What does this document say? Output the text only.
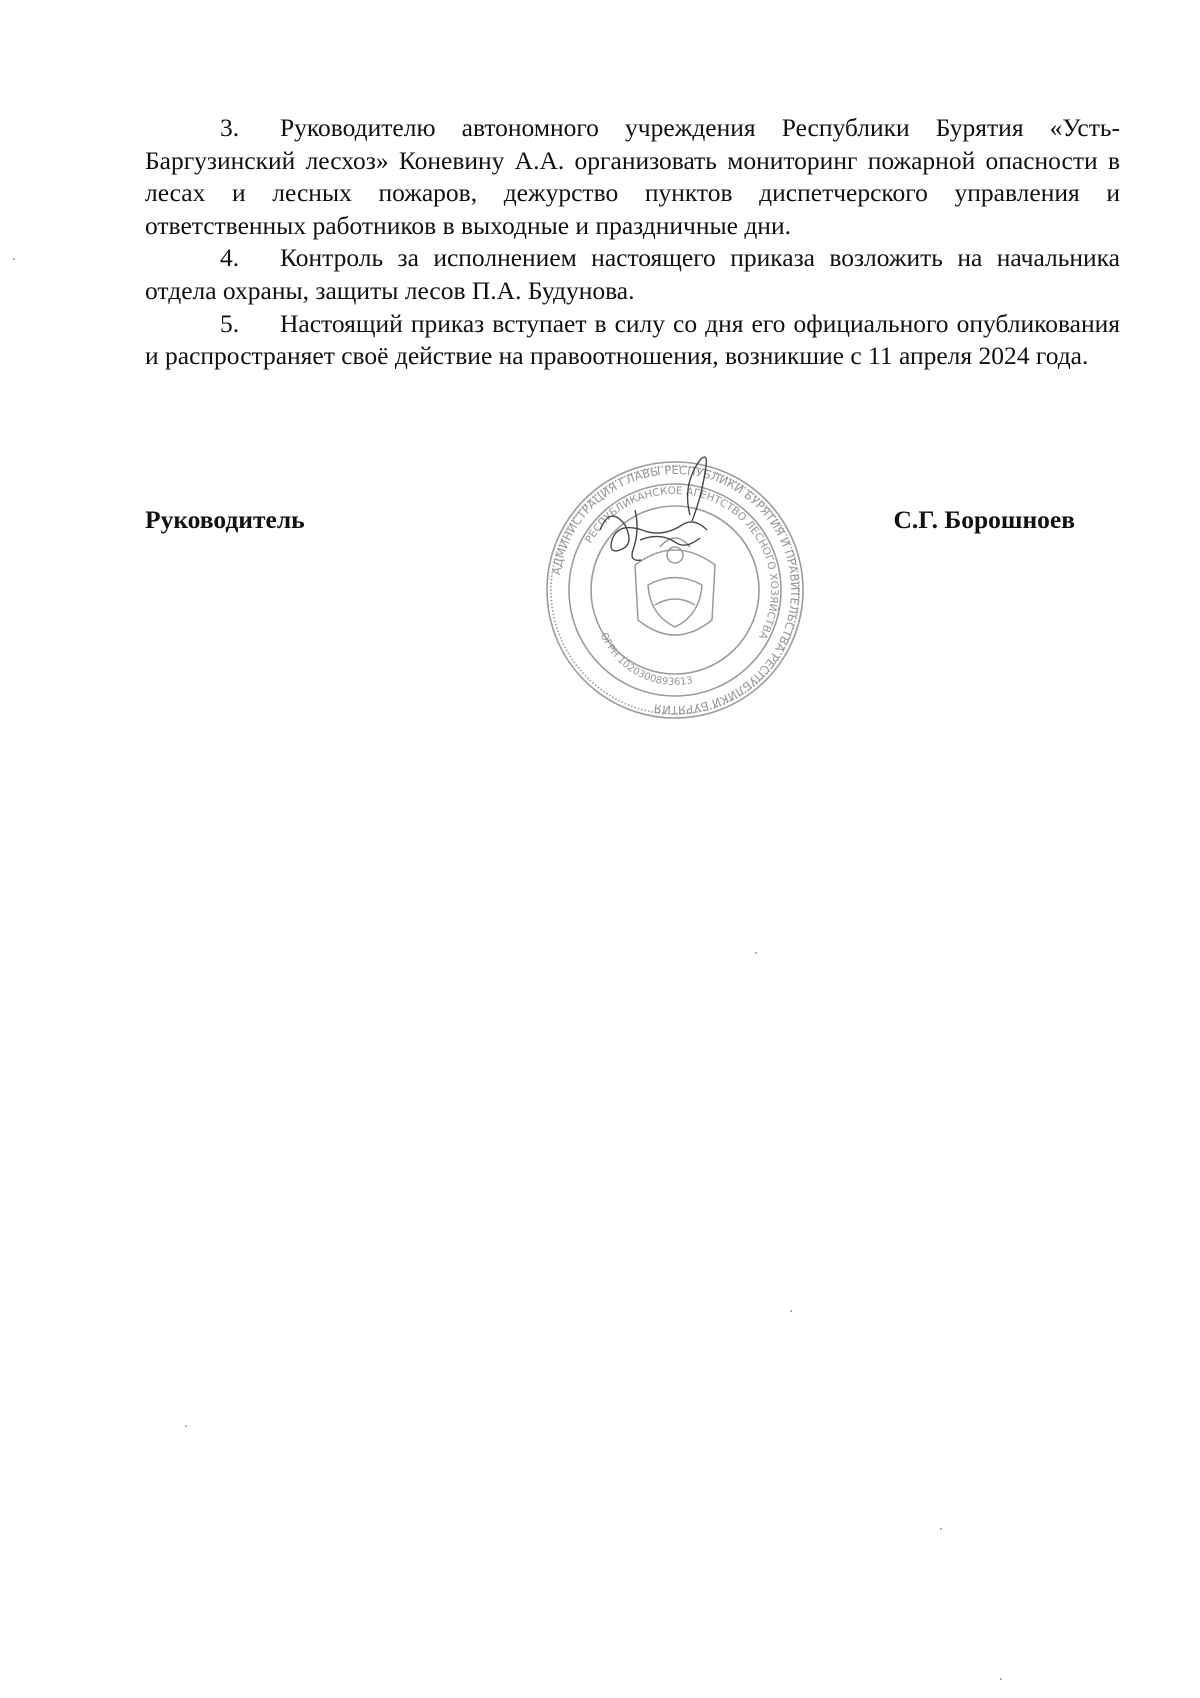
3. Руководителю автономного учреждения Республики Бурятия «Усть-Баргузинский лесхоз» Коневину А.А. организовать мониторинг пожарной опасности в лесах и лесных пожаров, дежурство пунктов диспетчерского управления и ответственных работников в выходные и праздничные дни.

4. Контроль за исполнением настоящего приказа возложить на начальника отдела охраны, защиты лесов П.А. Будунова.

5. Настоящий приказ вступает в силу со дня его официального опубликования и распространяет своё действие на правоотношения, возникшие с 11 апреля 2024 года.

Руководитель	С.Г. Борошноев
АДМИНИСТРАЦИЯ ГЛАВЫ РЕСПУБЛИКИ БУРЯТИЯ И ПРАВИТЕЛЬСТВА РЕСПУБЛИКИ БУРЯТИЯ
РЕСПУБЛИКАНСКОЕ АГЕНТСТВО ЛЕСНОГО ХОЗЯЙСТВА
ОГРН 1020300893613
